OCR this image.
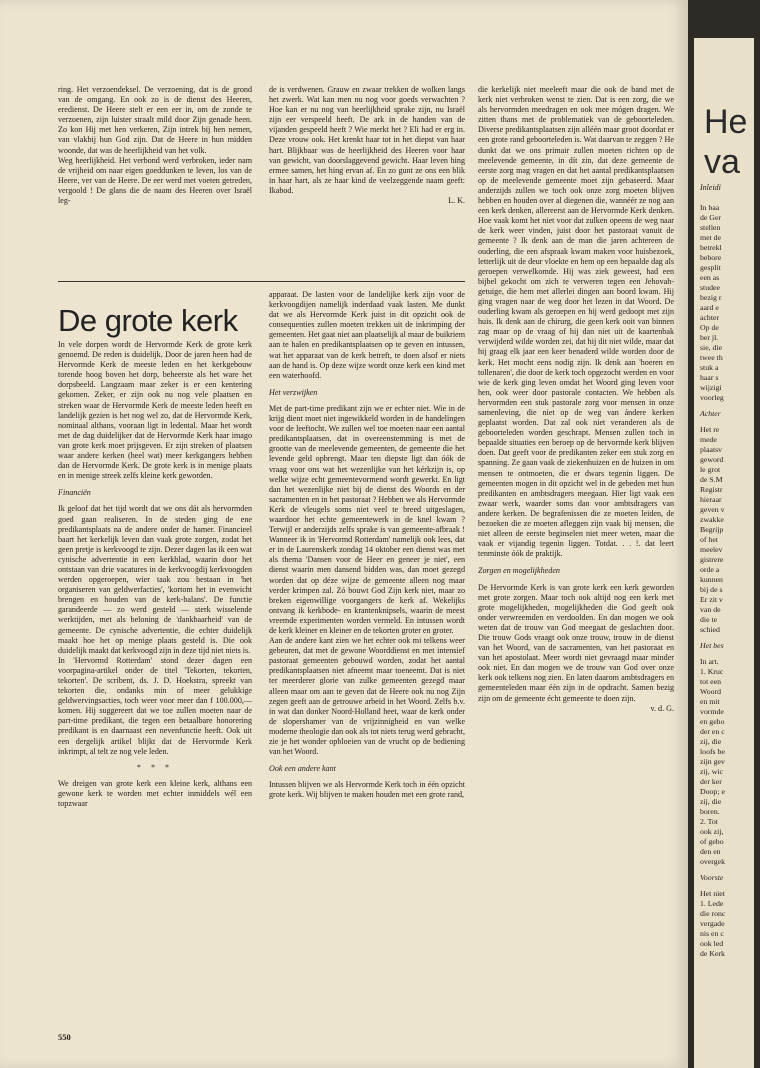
ring. Het verzoendeksel. De verzoening, dat is de grond van de omgang. En ook zo is de dienst des Heeren, eredienst. De Heere stelt er een eer in, om de zonde te verzoenen, zijn luister straalt mild door Zijn genade heen. Zo kon Hij met hen verkeren, Zijn intrek bij hen nemen, van vlakbij hun God zijn. Dat de Heere in hun midden woonde, dat was de heerlijkheid van het volk.

Weg heerlijkheid. Het verbond werd verbroken, ieder nam de vrijheid om naar eigen goeddunken te leven, los van de Heere, ver van de Heere. De eer werd met voeten getreden, vergoold ! De glans die de naam des Heeren over Israël leg-

de is verdwenen. Grauw en zwaar trekken de wolken langs het zwerk. Wat kan men nu nog voor goeds verwachten ? Hoe kan er nu nog van heerlijkheid sprake zijn, nu Israël zijn eer verspeeld heeft. De ark in de handen van de vijanden gespeeld heeft ? Wie merkt het ? Eli had er erg in. Deze vrouw ook. Het krenkt haar tot in het diepst van haar hart. Blijkbaar was de heerlijkheid des Heeren voor haar van gewicht, van doorslaggevend gewicht. Haar leven hing ermee samen, het hing ervan af. En zo gunt ze ons een blik in haar hart, als ze haar kind de veelzeggende naam geeft: Ikabod.

L. K.

De grote kerk

In vele dorpen wordt de Hervormde Kerk de grote kerk genoemd. De reden is duidelijk. Door de jaren heen had de Hervormde Kerk de meeste leden en het kerkgebouw torende hoog boven het dorp, beheerste als het ware het dorpsbeeld. Langzaam maar zeker is er een kentering gekomen. Zeker, er zijn ook nu nog vele plaatsen en streken waar de Hervormde Kerk de meeste leden heeft en landelijk gezien is het nog wel zo, dat de Hervormde Kerk, nominaal althans, vooraan ligt in ledental. Maar het wordt met de dag duidelijker dat de Hervormde Kerk haar imago van grote kerk moet prijsgeven. Er zijn streken of plaatsen waar andere kerken (heel wat) meer kerkgangers hebben dan de Hervormde Kerk. De grote kerk is in menige plaats en in menige streek zelfs kleine kerk geworden.

Financiën

Ik geloof dat het tijd wordt dat we ons dát als hervormden goed gaan realiseren. In de steden ging de ene predikantsplaats na de andere onder de hamer. Financieel baart het kerkelijk leven dan vaak grote zorgen, zodat het geen pretje is kerkvoogd te zijn. Dezer dagen las ik een wat cynische advertentie in een kerkblad, waarin door het ontstaan van drie vacatures in de kerkvoogdij kerkvoogden werden opgeroepen, wier taak zou bestaan in 'het organiseren van geldwerfacties', 'kortom het in evenwicht brengen en houden van de kerk-balans'. De functie garandeerde — zo werd gesteld — sterk wisselende werktijden, met als beloning de 'dankbaarheid' van de gemeente. De cynische advertentie, die echter duidelijk maakt hoe het op menige plaats gesteld is. Die ook duidelijk maakt dat kerkvoogd zijn in deze tijd niet niets is.

In 'Hervormd Rotterdam' stond dezer dagen een voorpagina-artikel onder de titel 'Tekorten, tekorten, tekorten'. De scribent, ds. J. D. Hoekstra, spreekt van tekorten die, ondanks min of meer gelukkige geldwervingsacties, toch weer voor meer dan f 100.000,— komen. Hij suggereert dat we toe zullen moeten naar de part-time predikant, die tegen een betaalbare honorering predikant is en daarnaast een nevenfunctie heeft. Ook uit een dergelijk artikel blijkt dat de Hervormde Kerk inkrimpt, al telt ze nog vele leden.

* * *

We dreigen van grote kerk een kleine kerk, althans een gewone kerk te worden met echter inmiddels wél een topzwaar

apparaat. De lasten voor de landelijke kerk zijn voor de kerkvoogdijen namelijk inderdaad vaak lasten. Me dunkt dat we als Hervormde Kerk juist in dit opzicht ook de consequenties zullen moeten trekken uit de inkrimping der gemeenten. Het gaat niet aan plaatselijk al maar de buikriem aan te halen en predikantsplaatsen op te geven en intussen, wat het apparaat van de kerk betreft, te doen alsof er niets aan de hand is. Op deze wijze wordt onze kerk een kind met een waterhoofd.

Het verzwijken

Met de part-time predikant zijn we er echter niet. Wie in de krijg dient moet niet ingewikkeld worden in de handelingen voor de leeftocht. We zullen wel toe moeten naar een aantal predikantsplaatsen, dat in overeenstemming is met de grootte van de meelevende gemeenten, de gemeente die het levende geld opbrengt. Maar ten diepste ligt dan óók de vraag voor ons wat het wezenlijke van het kérkzijn is, op welke wijze echt gemeentevormend wordt gewerkt. En ligt dan het wezenlijke niet bij de dienst des Woords en der sacramenten en in het pastoraat ? Hebben we als Hervormde Kerk de vleugels soms niet veel te breed uitgeslagen, waardoor het echte gemeentewerk in de knel kwam ? Terwijl er anderzijds zelfs sprake is van gemeente-afbraak ! Wanneer ik in 'Hervormd Rotterdam' namelijk ook lees, dat er in de Laurenskerk zondag 14 oktober een dienst was met als thema 'Dansen voor de Heer en geneer je niet', een dienst waarin men dansend bidden was, dan moet gezegd worden dat op déze wijze de gemeente alleen nog maar verder krimpen zal. Zó bouwt God Zijn kerk niet, maar zo breken eigenwillige voorgangers de kerk af. Wekelijks ontvang ik kerkbode- en krantenknipsels, waarin de meest vreemde experimenten worden vermeld. En intussen wordt de kerk kleiner en kleiner en de tekorten groter en groter.

Aan de andere kant zien we het echter ook mi telkens weer gebeuren, dat met de gewone Woorddienst en met intensief pastoraat gemeenten gebouwd worden, zodat het aantal predikantsplaatsen niet afneemt maar toeneemt. Dat is niet ter meerderer glorie van zulke gemeenten gezegd maar alleen maar om aan te geven dat de Heere ook nu nog Zijn zegen geeft aan de getrouwe arbeid in het Woord. Zelfs b.v. in wat dan donker Noord-Holland heet, waar de kerk onder de slopershamer van de vrijzinnigheid en van welke moderne theologie dan ook als tot niets terug werd gebracht, zie je het wonder opbloeien van de vrucht op de bediening van het Woord.

Ook een andere kant

Intussen blijven we als Hervormde Kerk toch in één opzicht grote kerk. Wij blijven te maken houden met een grote rand,

die kerkelijk niet meeleeft maar die ook de band met de kerk niet verbroken wenst te zien. Dat is een zorg, die we als hervormden meedragen en ook mee mógen dragen. We zitten thans met de problematiek van de geboorteleden. Diverse predikantsplaatsen zijn alléén maar groot doordat er een grote rand geboorteleden is. Wat daarvan te zeggen ? He dunkt dat we ons primair zullen moeten richten op de meelevende gemeente, in dít zin, dat deze gemeente de eerste zorg mag vragen en dat het aantal predikantsplaatsen op de meelevende gemeente moet zijn gebaseerd. Maar anderzijds zullen we toch ook onze zorg moeten blijven hebben en houden over al diegenen die, wannéér ze nog aan een kerk denken, allereerst aan de Hervormde Kerk denken. Hoe vaak komt het niet voor dat zulken opeens de weg naar de kerk weer vinden, juist door het pastoraat vanuit de gemeente ? Ik denk aan de man die jaren achtereen de ouderling, die een afspraak kwam maken voor huisbezoek, letterlijk uit de deur vloekte en hem op een bepaalde dag als geroepen verwelkomde. Hij was ziek geweest, had een bijbel gekocht om zich te verweren tegen een Jehovah-getuige, die hem met allerlei dingen aan boord kwam. Hij ging vragen naar de weg door het lezen in dat Woord. De ouderling kwam als geroepen en hij werd gedoopt met zijn huis. Ik denk aan de chirurg, die geen kerk ooit van binnen zag maar op de vraag of hij dan niet uit de kaartenbak verwijderd wilde worden zei, dat hij dit niet wilde, maar dat hij graag elk jaar een keer benaderd wilde worden door de kerk. Het mocht eens nodig zijn. Ik denk aan 'hoeren en tollenaren', die door de kerk toch opgezocht werden en voor wie de kerk ging leven omdat het Woord ging leven voor hen, ook weer door pastorale contacten. We hebben als hervormden een stuk pastorale zorg voor mensen in onze samenleving, die niet op de weg van ándere kerken geplaatst worden. Dat zal ook niet veranderen als de geboorteleden worden geschrapt. Mensen zullen toch in bepaalde situaties een beroep op de hervormde kerk blijven doen. Dat geeft voor de predikanten zeker een stuk zorg en spanning. Ze gaan vaak de ziekenhuizen en de huizen in om mensen te ontmoeten, die er dwars tegenin liggen. De gemeenten mogen in dit opzicht wel in de gebeden met hun predikanten en ambtsdragers meegaan. Hier ligt vaak een zwaar werk, waarder soms dan voor ambtsdragers van andere kerken. De begrafenissen die ze moeten leiden, de bezoeken die ze moeten afleggen zijn vaak bij mensen, die niet alleen de eerste beginselen niet meer weten, maar die vaak er vijandig tegenin liggen. Totdat. . . !. dat leert tenminste óók de praktijk.

Zorgen en mogelijkheden

De Hervormde Kerk is van grote kerk een kerk geworden met grote zorgen. Maar toch ook altijd nog een kerk met grote mogelijkheden, mogelijkheden die God geeft ook onder verwreemden en verdoolden. En dan mogen we ook weten dat de trouw van God meegaat de geslachten door. Die trouw Gods vraagt ook onze trouw, trouw in de dienst van het Woord, van de sacramenten, van het pastoraat en van het apostolaat. Meer wordt niet gevraagd maar minder ook niet. En dan mogen we de trouw van God over onze kerk ook telkens nog zien. En laten daarom ambtsdragers en gemeenteleden maar één zijn in de opdracht. Samen bezig zijn om de gemeente écht gemeente te doen zijn.

v. d. G.

550
He va
Inleidi
In baa
de Ger
stellen
met de
betrekl
bebore
gesplit
een as
studee
bezig r
aard e
achter
Op de
ber jl.
sie, die
twee th
stuk a
haar s
wijzigi
voorleg
Achter
Het re
mede
plaatsv
geword
le grot
de S.M
Registr
hieraar
geven v
zwakke
Begrijp
of het
meelev
gistrere
orde a
kunnen
bij de s
Er zit v
van de
die te
schied
Het bes
In art.
1. Kruc
tot een
Woord
en mit
vormde
en geho
der en c
zij, die
loofs be
zijn gev
zij, wic
der ker
Doop; e
zij, die
boren.
2. Tot
ook zij,
of gebo
den en
overgek
Voorste
Het niet
1. Lede
die ronc
vergade
nis en c
ook led
de Kerk
